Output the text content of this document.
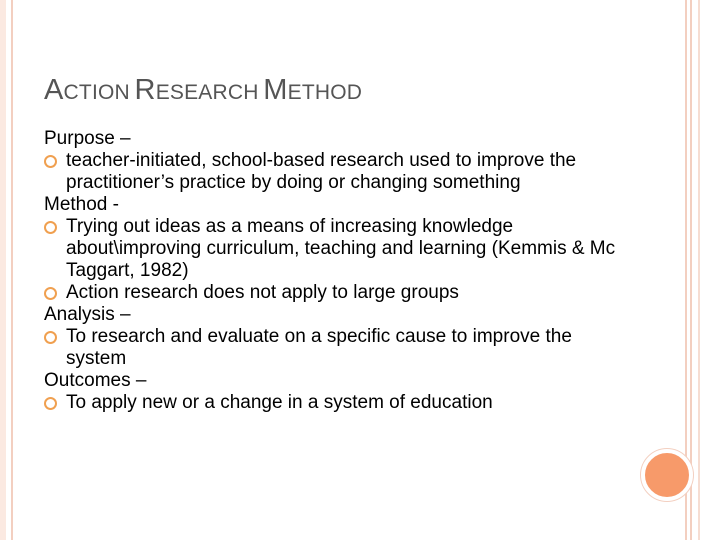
ACTION RESEARCH METHOD

Purpose –

teacher-initiated, school-based research used to improve the practitioner’s practice by doing or changing something

Method -

Trying out ideas as a means of increasing knowledge about\improving curriculum, teaching and learning (Kemmis & Mc Taggart, 1982)

Action research does not apply to large groups

Analysis –

To research and evaluate on a specific cause to improve the system

Outcomes –

To apply new or a change in a system of education
